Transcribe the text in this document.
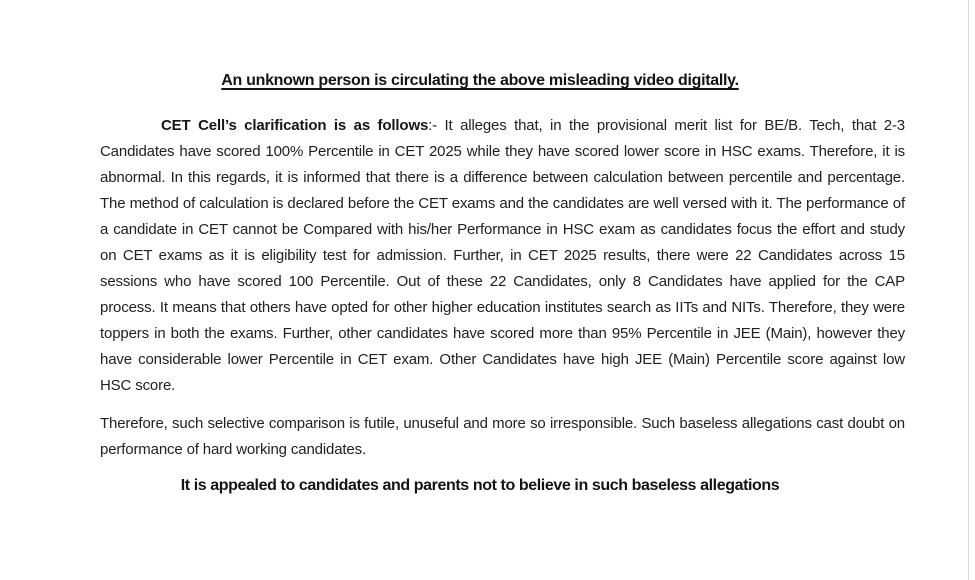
An unknown person is circulating the above misleading video digitally.

CET Cell’s clarification is as follows:- It alleges that, in the provisional merit list for BE/B. Tech, that 2-3 Candidates have scored 100% Percentile in CET 2025 while they have scored lower score in HSC exams. Therefore, it is abnormal. In this regards, it is informed that there is a difference between calculation between percentile and percentage. The method of calculation is declared before the CET exams and the candidates are well versed with it. The performance of a candidate in CET cannot be Compared with his/her Performance in HSC exam as candidates focus the effort and study on CET exams as it is eligibility test for admission. Further, in CET 2025 results, there were 22 Candidates across 15 sessions who have scored 100 Percentile. Out of these 22 Candidates, only 8 Candidates have applied for the CAP process. It means that others have opted for other higher education institutes search as IITs and NITs. Therefore, they were toppers in both the exams. Further, other candidates have scored more than 95% Percentile in JEE (Main), however they have considerable lower Percentile in CET exam. Other Candidates have high JEE (Main) Percentile score against low HSC score.

Therefore, such selective comparison is futile, unuseful and more so irresponsible. Such baseless allegations cast doubt on performance of hard working candidates.

It is appealed to candidates and parents not to believe in such baseless allegations
